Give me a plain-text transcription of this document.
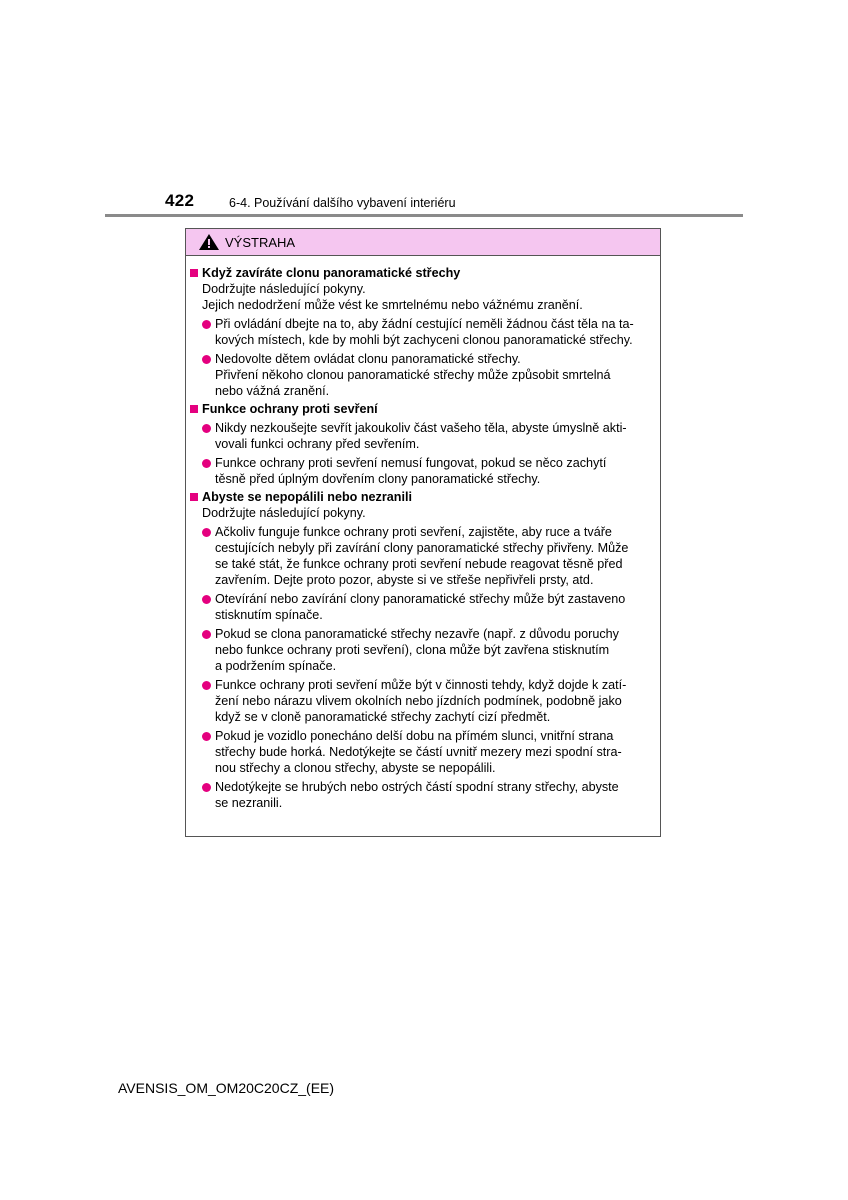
422	6-4. Používání dalšího vybavení interiéru
VÝSTRAHA
Když zavíráte clonu panoramatické střechy
Dodržujte následující pokyny.
Jejich nedodržení může vést ke smrtelnému nebo vážnému zranění.
Při ovládání dbejte na to, aby žádní cestující neměli žádnou část těla na ta-
kových místech, kde by mohli být zachyceni clonou panoramatické střechy.
Nedovolte dětem ovládat clonu panoramatické střechy.
Přivření někoho clonou panoramatické střechy může způsobit smrtelná
nebo vážná zranění.
Funkce ochrany proti sevření
Nikdy nezkoušejte sevřít jakoukoliv část vašeho těla, abyste úmyslně akti-
vovali funkci ochrany před sevřením.
Funkce ochrany proti sevření nemusí fungovat, pokud se něco zachytí
těsně před úplným dovřením clony panoramatické střechy.
Abyste se nepopálili nebo nezranili
Dodržujte následující pokyny.
Ačkoliv funguje funkce ochrany proti sevření, zajistěte, aby ruce a tváře
cestujících nebyly při zavírání clony panoramatické střechy přivřeny. Může
se také stát, že funkce ochrany proti sevření nebude reagovat těsně před
zavřením. Dejte proto pozor, abyste si ve střeše nepřivřeli prsty, atd.
Otevírání nebo zavírání clony panoramatické střechy může být zastaveno
stisknutím spínače.
Pokud se clona panoramatické střechy nezavře (např. z důvodu poruchy
nebo funkce ochrany proti sevření), clona může být zavřena stisknutím
a podržením spínače.
Funkce ochrany proti sevření může být v činnosti tehdy, když dojde k zatí-
žení nebo nárazu vlivem okolních nebo jízdních podmínek, podobně jako
když se v cloně panoramatické střechy zachytí cizí předmět.
Pokud je vozidlo ponecháno delší dobu na přímém slunci, vnitřní strana
střechy bude horká. Nedotýkejte se částí uvnitř mezery mezi spodní stra-
nou střechy a clonou střechy, abyste se nepopálili.
Nedotýkejte se hrubých nebo ostrých částí spodní strany střechy, abyste
se nezranili.
AVENSIS_OM_OM20C20CZ_(EE)
